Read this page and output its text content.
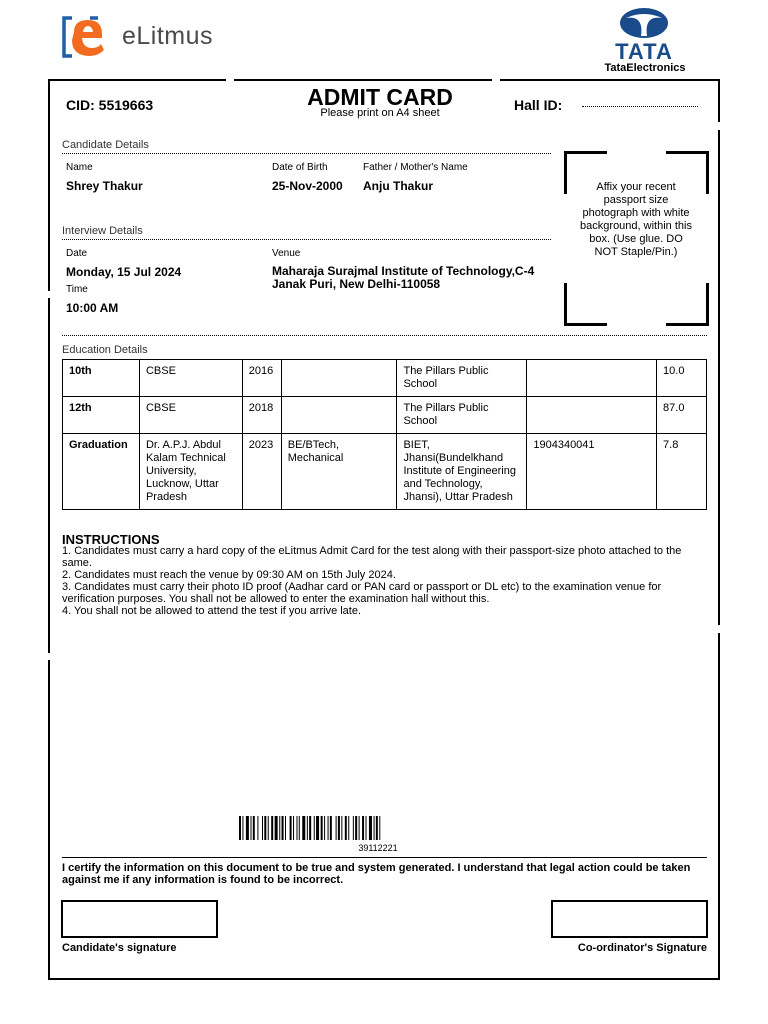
eLitmus
TATA
TataElectronics
CID: 5519663	ADMIT CARD
Please print on A4 sheet	Hall ID:
Candidate Details
Name
Shrey Thakur
Date of Birth
25-Nov-2000
Father / Mother's Name
Anju Thakur	Affix your recent passport size photograph with white background, within this box. (Use glue. DO NOT Staple/Pin.)
Interview Details
Date
Monday, 15 Jul 2024
Venue
Maharaja Surajmal Institute of Technology,C-4 Janak Puri, New Delhi-110058
Time
10:00 AM
Education Details
10th	CBSE	2016		The Pillars Public School		10.0
12th	CBSE	2018		The Pillars Public School		87.0
Graduation	Dr. A.P.J. Abdul Kalam Technical University, Lucknow, Uttar Pradesh	2023	BE/BTech, Mechanical	BIET, Jhansi(Bundelkhand Institute of Engineering and Technology, Jhansi), Uttar Pradesh	1904340041	7.8
INSTRUCTIONS
1. Candidates must carry a hard copy of the eLitmus Admit Card for the test along with their passport-size photo attached to the same.
2. Candidates must reach the venue by 09:30 AM on 15th July 2024.
3. Candidates must carry their photo ID proof (Aadhar card or PAN card or passport or DL etc) to the examination venue for verification purposes. You shall not be allowed to enter the examination hall without this.
4. You shall not be allowed to attend the test if you arrive late.
39112221
I certify the information on this document to be true and system generated. I understand that legal action could be taken against me if any information is found to be incorrect.
Candidate's signature	Co-ordinator's Signature
